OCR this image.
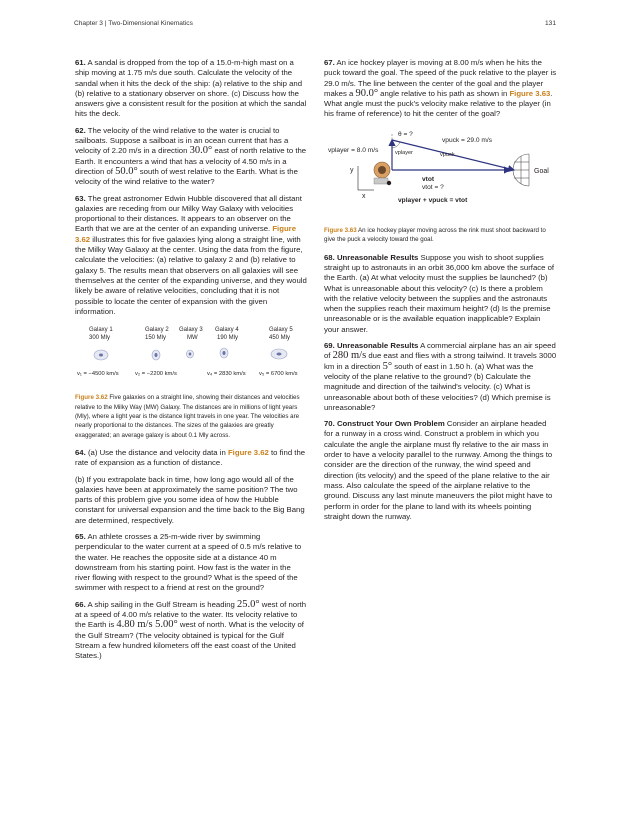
Chapter 3 | Two-Dimensional Kinematics	131

61. A sandal is dropped from the top of a 15.0-m-high mast on a ship moving at 1.75 m/s due south. Calculate the velocity of the sandal when it hits the deck of the ship: (a) relative to the ship and (b) relative to a stationary observer on shore. (c) Discuss how the answers give a consistent result for the position at which the sandal hits the deck.

62. The velocity of the wind relative to the water is crucial to sailboats. Suppose a sailboat is in an ocean current that has a velocity of 2.20 m/s in a direction 30.0° east of north relative to the Earth. It encounters a wind that has a velocity of 4.50 m/s in a direction of 50.0° south of west relative to the Earth. What is the velocity of the wind relative to the water?

63. The great astronomer Edwin Hubble discovered that all distant galaxies are receding from our Milky Way Galaxy with velocities proportional to their distances. It appears to an observer on the Earth that we are at the center of an expanding universe. Figure 3.62 illustrates this for five galaxies lying along a straight line, with the Milky Way Galaxy at the center. Using the data from the figure, calculate the velocities: (a) relative to galaxy 2 and (b) relative to galaxy 5. The results mean that observers on all galaxies will see themselves at the center of the expanding universe, and they would likely be aware of relative velocities, concluding that it is not possible to locate the center of expansion with the given information.

Galaxy 1
300 Mly
Galaxy 2
150 Mly
Galaxy 3
MW
Galaxy 4
190 Mly
Galaxy 5
450 Mly
v₁ = −4500 km/s	v₂ = −2200 km/s	v₄ = 2830 km/s v₅ = 6700 km/s
Figure 3.62 Five galaxies on a straight line, showing their distances and velocities relative to the Milky Way (MW) Galaxy. The distances are in millions of light years (Mly), where a light year is the distance light travels in one year. The velocities are nearly proportional to the distances. The sizes of the galaxies are greatly exaggerated; an average galaxy is about 0.1 Mly across.

64. (a) Use the distance and velocity data in Figure 3.62 to find the rate of expansion as a function of distance.

(b) If you extrapolate back in time, how long ago would all of the galaxies have been at approximately the same position? The two parts of this problem give you some idea of how the Hubble constant for universal expansion and the time back to the Big Bang are determined, respectively.

65. An athlete crosses a 25-m-wide river by swimming perpendicular to the water current at a speed of 0.5 m/s relative to the water. He reaches the opposite side at a distance 40 m downstream from his starting point. How fast is the water in the river flowing with respect to the ground? What is the speed of the swimmer with respect to a friend at rest on the ground?

66. A ship sailing in the Gulf Stream is heading 25.0° west of north at a speed of 4.00 m/s relative to the water. Its velocity relative to the Earth is 4.80 m/s 5.00° west of north. What is the velocity of the Gulf Stream? (The velocity obtained is typical for the Gulf Stream a few hundred kilometers off the east coast of the United States.)

67. An ice hockey player is moving at 8.00 m/s when he hits the puck toward the goal. The speed of the puck relative to the player is 29.0 m/s. The line between the center of the goal and the player makes a 90.0° angle relative to his path as shown in Figure 3.63. What angle must the puck's velocity make relative to the player (in his frame of reference) to hit the center of the goal?

Goal
y
x
θ = ?
vplayer = 8.0 m/s
vpuck = 29.0 m/s
vplayer	vpuck
vtot
vtot = ?
vplayer + vpuck = vtot
Figure 3.63 An ice hockey player moving across the rink must shoot backward to give the puck a velocity toward the goal.

68. Unreasonable Results Suppose you wish to shoot supplies straight up to astronauts in an orbit 36,000 km above the surface of the Earth. (a) At what velocity must the supplies be launched? (b) What is unreasonable about this velocity? (c) Is there a problem with the relative velocity between the supplies and the astronauts when the supplies reach their maximum height? (d) Is the premise unreasonable or is the available equation inapplicable? Explain your answer.

69. Unreasonable Results A commercial airplane has an air speed of 280 m/s due east and flies with a strong tailwind. It travels 3000 km in a direction 5° south of east in 1.50 h. (a) What was the velocity of the plane relative to the ground? (b) Calculate the magnitude and direction of the tailwind's velocity. (c) What is unreasonable about both of these velocities? (d) Which premise is unreasonable?

70. Construct Your Own Problem Consider an airplane headed for a runway in a cross wind. Construct a problem in which you calculate the angle the airplane must fly relative to the air mass in order to have a velocity parallel to the runway. Among the things to consider are the direction of the runway, the wind speed and direction (its velocity) and the speed of the plane relative to the air mass. Also calculate the speed of the airplane relative to the ground. Discuss any last minute maneuvers the pilot might have to perform in order for the plane to land with its wheels pointing straight down the runway.
